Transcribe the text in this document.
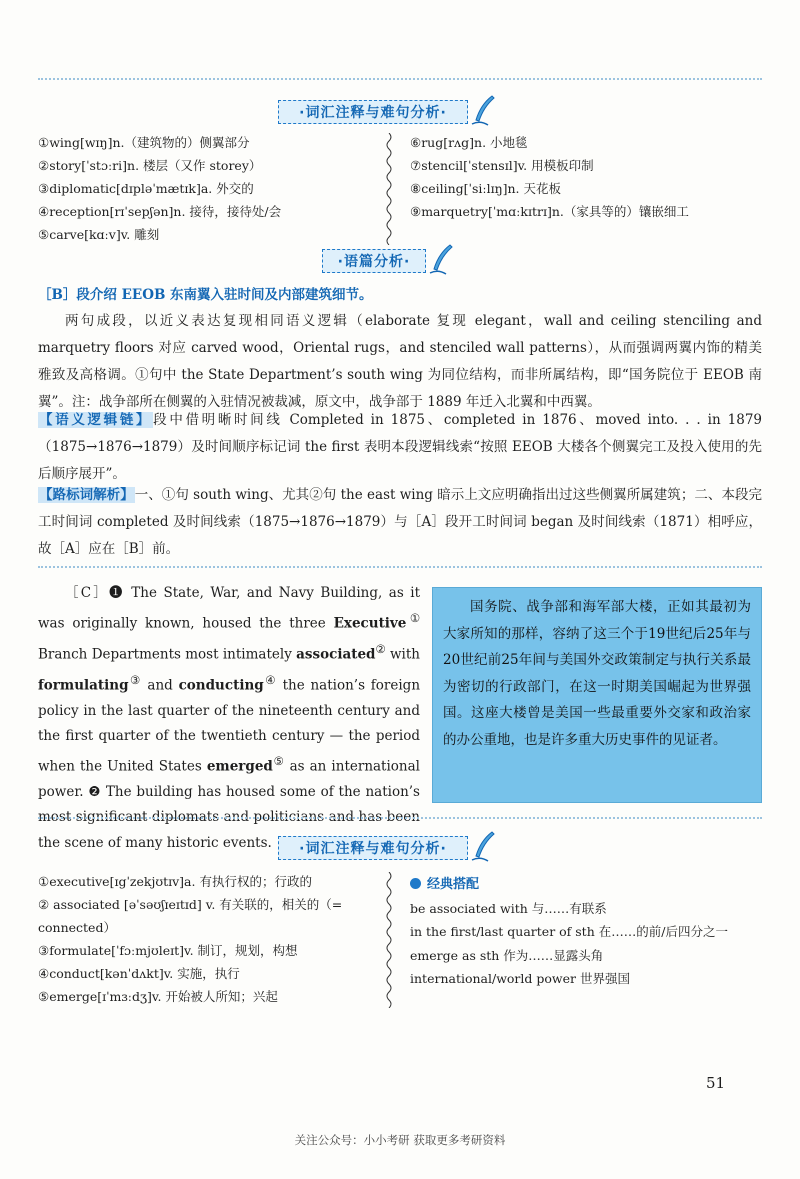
·词汇注释与难句分析·
①wing[wɪŋ]n.（建筑物的）侧翼部分
②story[ˈstɔːri]n. 楼层（又作 storey）
③diplomatic[dɪpləˈmætɪk]a. 外交的
④reception[rɪˈsepʃən]n. 接待，接待处/会
⑤carve[kɑːv]v. 雕刻
⑥rug[rʌg]n. 小地毯
⑦stencil[ˈstensɪl]v. 用模板印制
⑧ceiling[ˈsiːlɪŋ]n. 天花板
⑨marquetry[ˈmɑːkɪtrɪ]n.（家具等的）镶嵌细工
·语篇分析·
［B］段介绍 EEOB 东南翼入驻时间及内部建筑细节。

两句成段，以近义表达复现相同语义逻辑（elaborate 复现 elegant，wall and ceiling stenciling and marquetry floors 对应 carved wood，Oriental rugs，and stenciled wall patterns），从而强调两翼内饰的精美雅致及高格调。①句中 the State Department’s south wing 为同位结构，而非所属结构，即“国务院位于 EEOB 南翼”。注：战争部所在侧翼的入驻情况被裁减，原文中，战争部于 1889 年迁入北翼和中西翼。

【语义逻辑链】段中借明晰时间线 Completed in 1875、completed in 1876、moved into. . . in 1879（1875→1876→1879）及时间顺序标记词 the first 表明本段逻辑线索“按照 EEOB 大楼各个侧翼完工及投入使用的先后顺序展开”。

【路标词解析】一、①句 south wing、尤其②句 the east wing 暗示上文应明确指出过这些侧翼所属建筑；二、本段完工时间词 completed 及时间线索（1875→1876→1879）与［A］段开工时间词 began 及时间线索（1871）相呼应，故［A］应在［B］前。

［C］❶ The State, War, and Navy Building, as it was originally known, housed the three Executive① Branch Departments most intimately associated② with formulating③ and conducting④ the nation’s foreign policy in the last quarter of the nineteenth century and the first quarter of the twentieth century — the period when the United States emerged⑤ as an international power. ❷ The building has housed some of the nation’s most significant diplomats and politicians and has been the scene of many historic events.

国务院、战争部和海军部大楼，正如其最初为大家所知的那样，容纳了这三个于19世纪后25年与20世纪前25年间与美国外交政策制定与执行关系最为密切的行政部门，在这一时期美国崛起为世界强国。这座大楼曾是美国一些最重要外交家和政治家的办公重地，也是许多重大历史事件的见证者。
·词汇注释与难句分析·
①executive[ɪgˈzekjʊtɪv]a. 有执行权的；行政的
② associated [əˈsəʊʃɪeɪtɪd] v. 有关联的，相关的（=
connected）
③formulate[ˈfɔːmjʊleɪt]v. 制订，规划，构想
④conduct[kənˈdʌkt]v. 实施，执行
⑤emerge[ɪˈmɜːdʒ]v. 开始被人所知；兴起
经典搭配
be associated with 与……有联系
in the first/last quarter of sth 在……的前/后四分之一
emerge as sth 作为……显露头角
international/world power 世界强国
51
关注公众号：小小考研 获取更多考研资料
